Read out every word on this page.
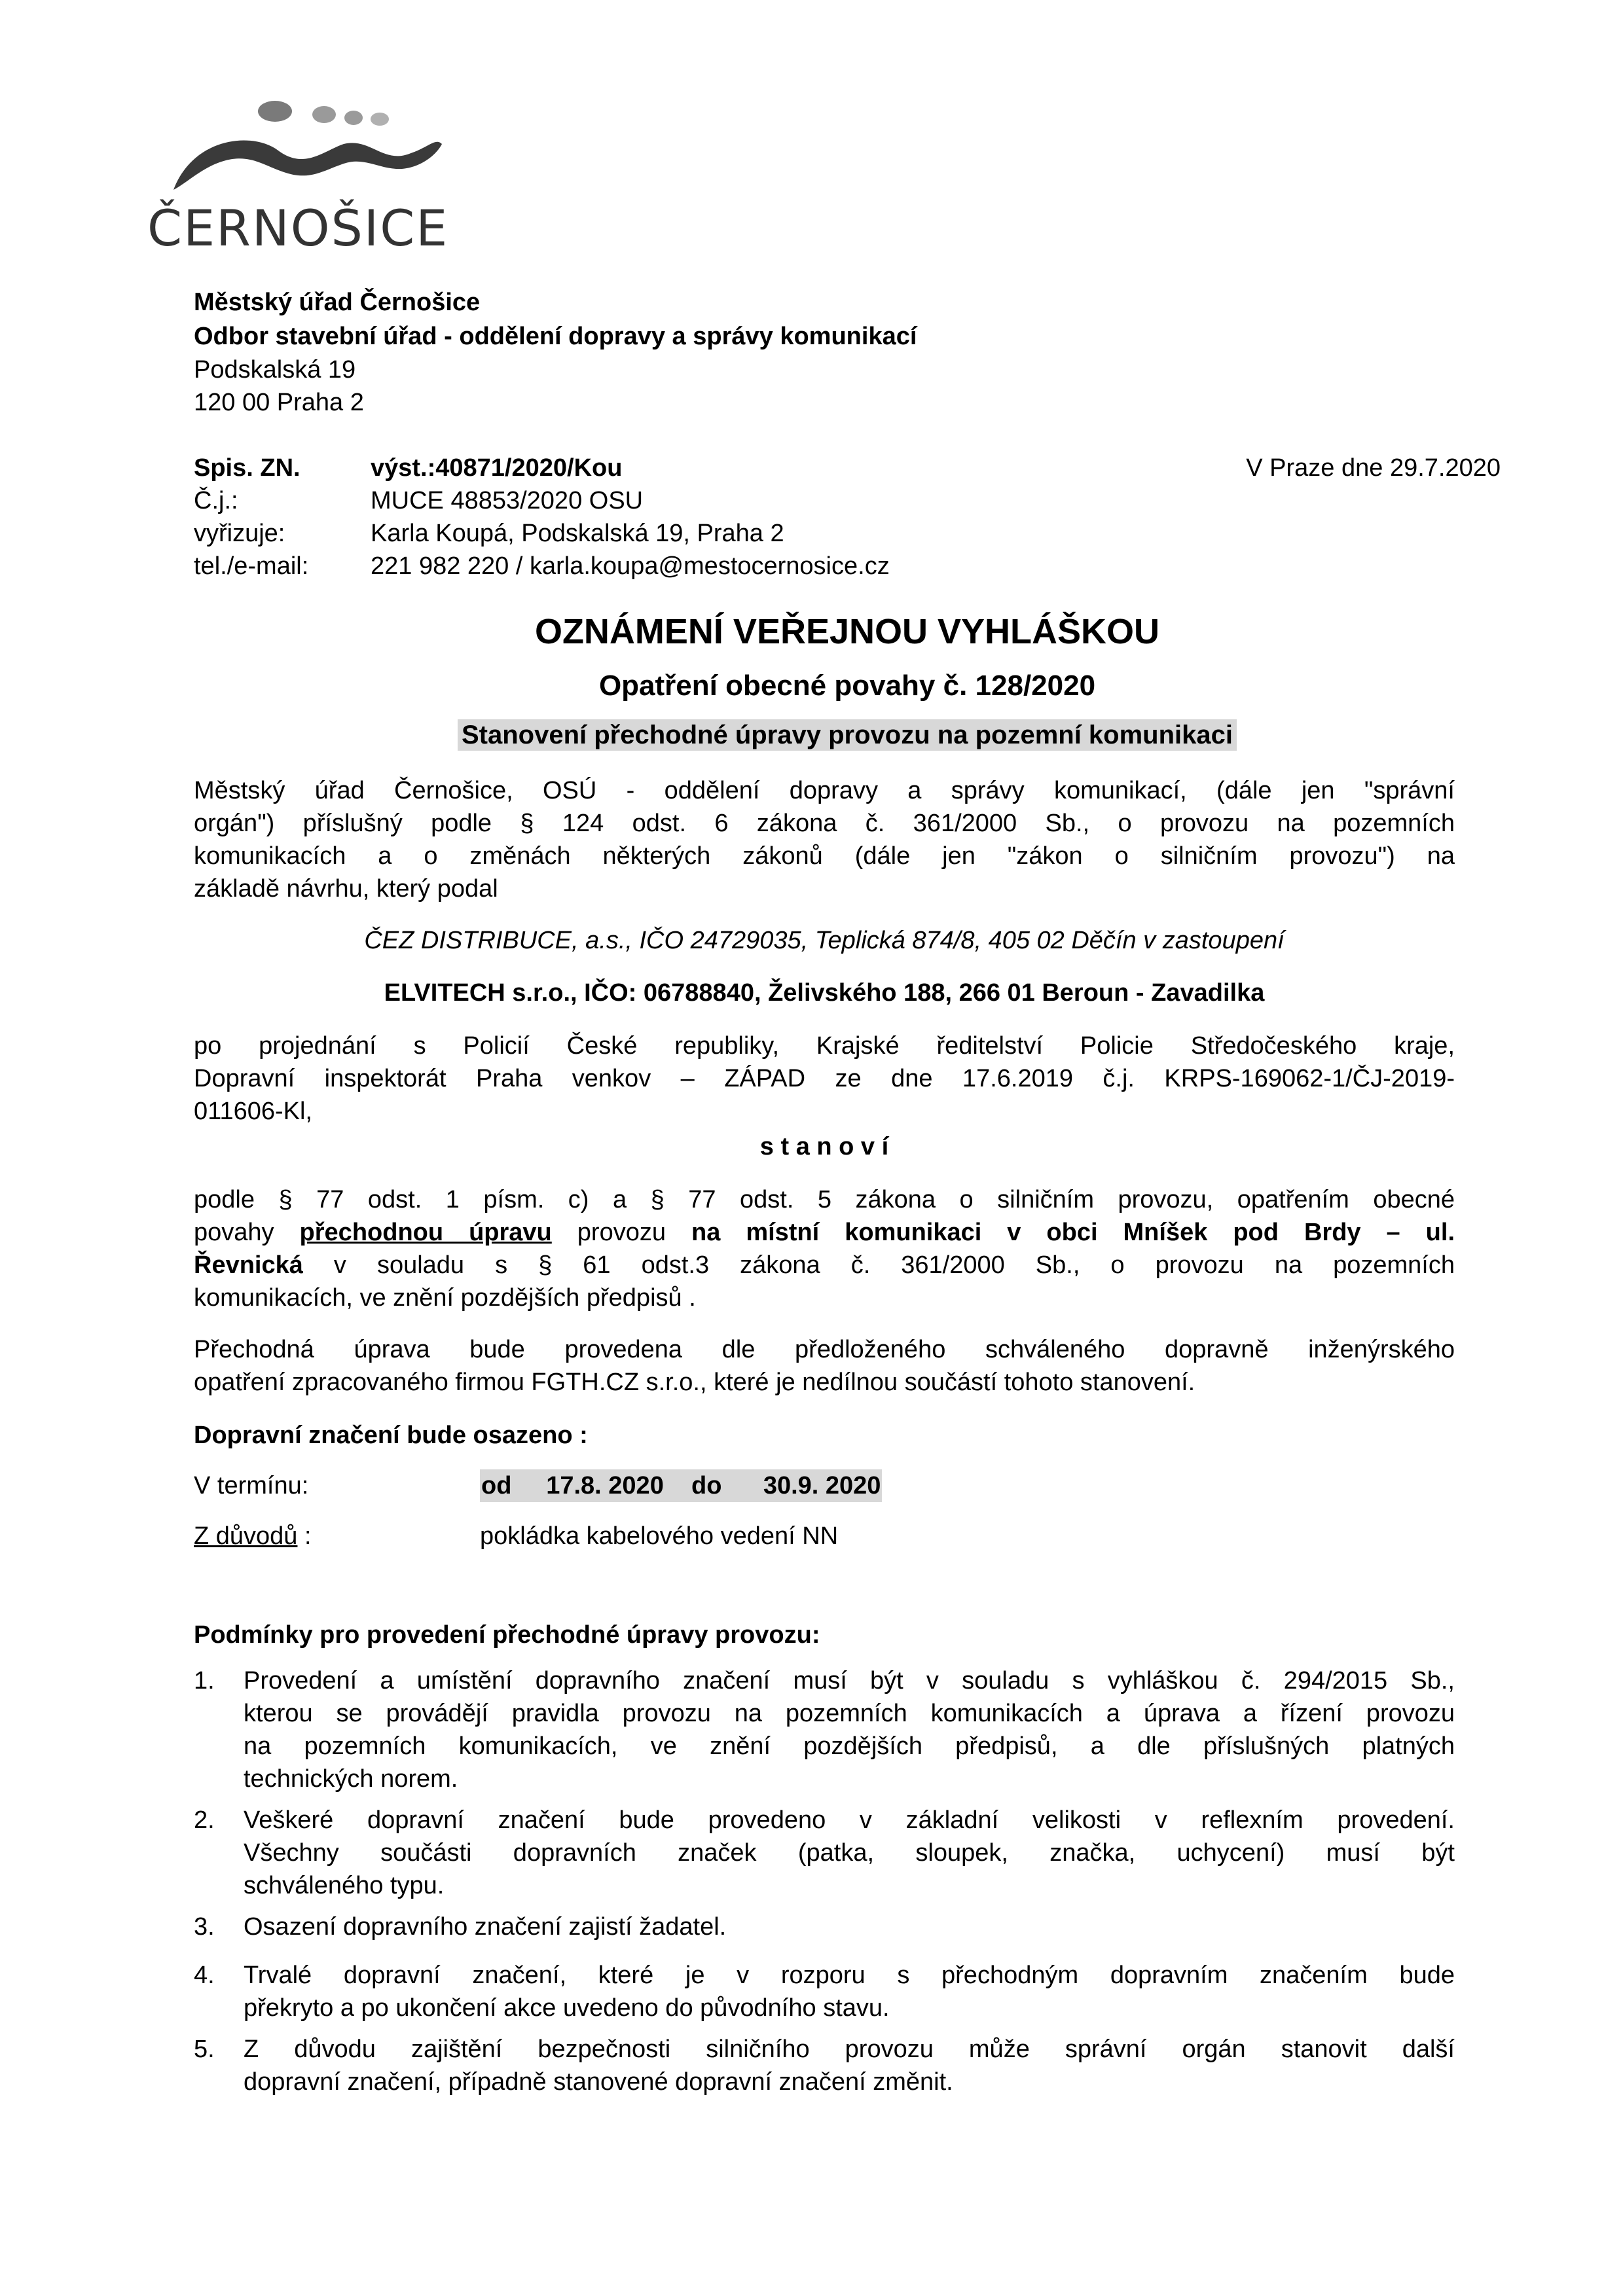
ČERNOŠICE
Městský úřad Černošice
Odbor stavební úřad - oddělení dopravy a správy komunikací
Podskalská 19
120 00 Praha 2
Spis. ZN.	výst.:40871/2020/Kou
Č.j.:	MUCE 48853/2020 OSU
vyřizuje:	Karla Koupá, Podskalská 19, Praha 2
tel./e-mail: 221 982 220 / karla.koupa@mestocernosice.cz
V Praze dne 29.7.2020
OZNÁMENÍ VEŘEJNOU VYHLÁŠKOU
Opatření obecné povahy č. 128/2020
Stanovení přechodné úpravy provozu na pozemní komunikaci
Městský úřad Černošice, OSÚ - oddělení dopravy a správy komunikací, (dále jen "správní
orgán") příslušný podle § 124 odst. 6 zákona č. 361/2000 Sb., o provozu na pozemních
komunikacích a o změnách některých zákonů (dále jen "zákon o silničním provozu") na
základě návrhu, který podal
ČEZ DISTRIBUCE, a.s., IČO 24729035, Teplická 874/8, 405 02 Děčín v zastoupení
ELVITECH s.r.o., IČO: 06788840, Želivského 188, 266 01 Beroun - Zavadilka
po projednání s Policií České republiky, Krajské ředitelství Policie Středočeského kraje,
Dopravní inspektorát Praha venkov – ZÁPAD ze dne 17.6.2019 č.j. KRPS-169062-1/ČJ-2019-
011606-Kl,
s t a n o v í
podle § 77 odst. 1 písm. c) a § 77 odst. 5 zákona o silničním provozu, opatřením obecné
povahy přechodnou úpravu provozu na místní komunikaci v obci Mníšek pod Brdy – ul.
Řevnická v souladu s § 61 odst.3 zákona č. 361/2000 Sb., o provozu na pozemních
komunikacích, ve znění pozdějších předpisů .
Přechodná úprava bude provedena dle předloženého schváleného dopravně inženýrského
opatření zpracovaného firmou FGTH.CZ s.r.o., které je nedílnou součástí tohoto stanovení.
Dopravní značení bude osazeno :
V termínu:	od     17.8. 2020    do      30.9. 2020
Z důvodů :	pokládka kabelového vedení NN
Podmínky pro provedení přechodné úpravy provozu:
1. Provedení a umístění dopravního značení musí být v souladu s vyhláškou č. 294/2015 Sb.,
kterou se provádějí pravidla provozu na pozemních komunikacích a úprava a řízení provozu
na pozemních komunikacích, ve znění pozdějších předpisů, a dle příslušných platných
technických norem.
2. Veškeré dopravní značení bude provedeno v základní velikosti v reflexním provedení.
Všechny součásti dopravních značek (patka, sloupek, značka, uchycení) musí být
schváleného typu.
3. Osazení dopravního značení zajistí žadatel.
4. Trvalé dopravní značení, které je v rozporu s přechodným dopravním značením bude
překryto a po ukončení akce uvedeno do původního stavu.
5. Z důvodu zajištění bezpečnosti silničního provozu může správní orgán stanovit další
dopravní značení, případně stanovené dopravní značení změnit.
